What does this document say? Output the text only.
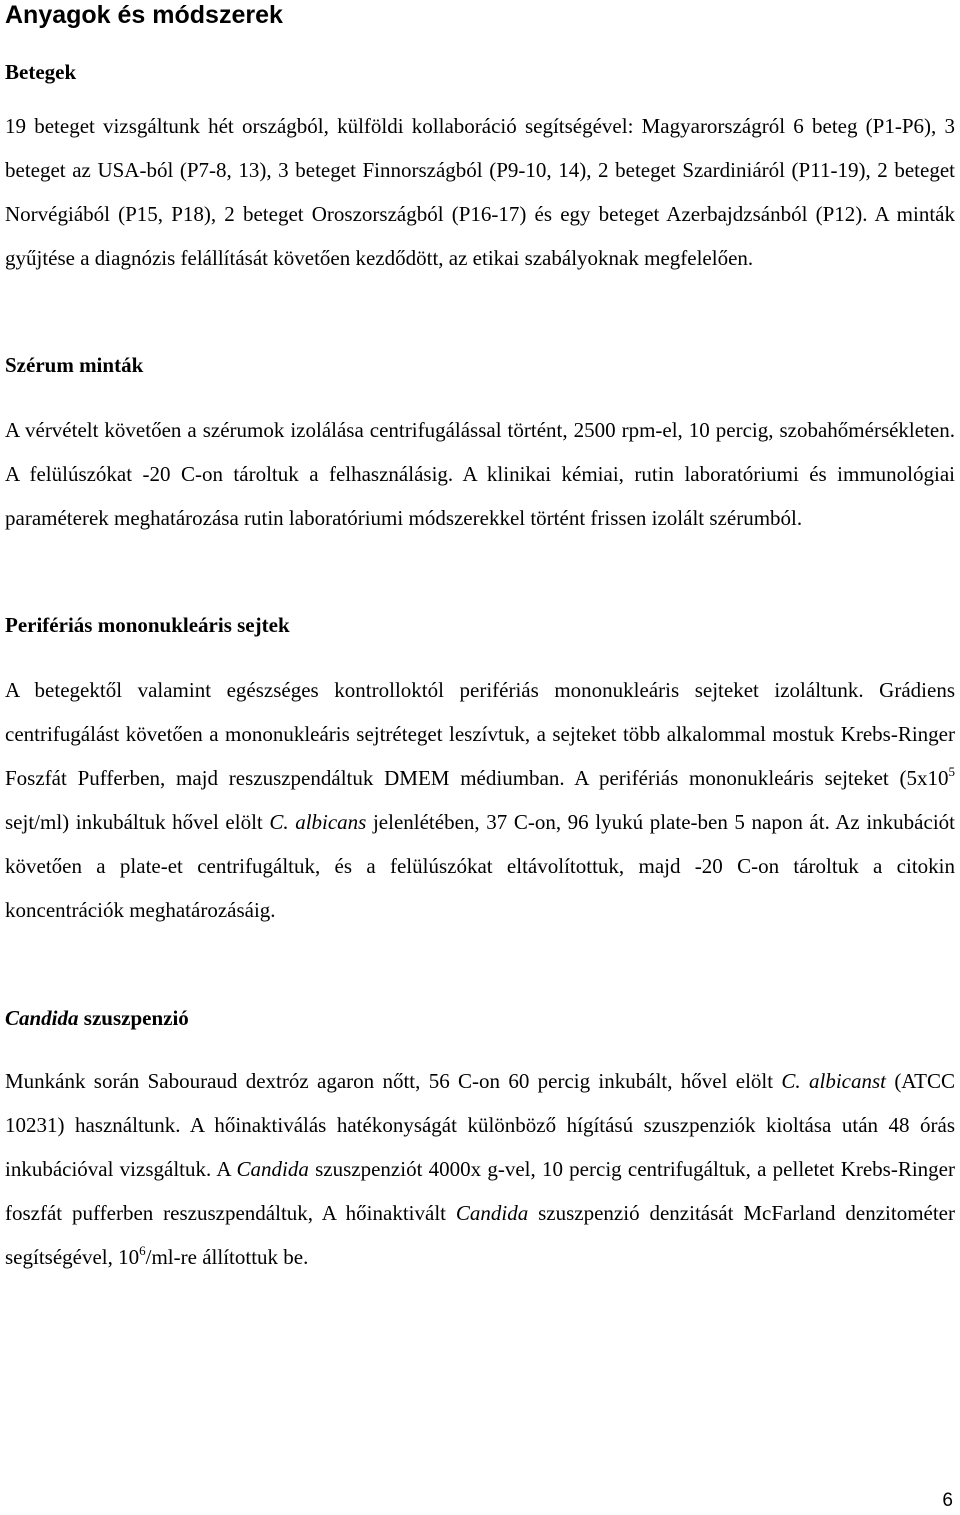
Anyagok és módszerek
Betegek

19 beteget vizsgáltunk hét országból, külföldi kollaboráció segítségével: Magyarországról 6 beteg (P1-P6), 3 beteget az USA-ból (P7-8, 13), 3 beteget Finnországból (P9-10, 14), 2 beteget Szardiniáról (P11-19), 2 beteget Norvégiából (P15, P18), 2 beteget Oroszországból (P16-17) és egy beteget Azerbajdzsánból (P12). A minták gyűjtése a diagnózis felállítását követően kezdődött, az etikai szabályoknak megfelelően.

Szérum minták

A vérvételt követően a szérumok izolálása centrifugálással történt, 2500 rpm-el, 10 percig, szobahőmérsékleten. A felülúszókat -20 C-on tároltuk a felhasználásig. A klinikai kémiai, rutin laboratóriumi és immunológiai paraméterek meghatározása rutin laboratóriumi módszerekkel történt frissen izolált szérumból.

Perifériás mononukleáris sejtek

A betegektől valamint egészséges kontrolloktól perifériás mononukleáris sejteket izoláltunk. Grádiens centrifugálást követően a mononukleáris sejtréteget leszívtuk, a sejteket több alkalommal mostuk Krebs-Ringer Foszfát Pufferben, majd reszuszpendáltuk DMEM médiumban. A perifériás mononukleáris sejteket ($5x10^5$ sejt/ml) inkubáltuk hővel elölt C. albicans jelenlétében, 37 C-on, 96 lyukú plate-ben 5 napon át. Az inkubációt követően a plate-et centrifugáltuk, és a felülúszókat eltávolítottuk, majd -20 C-on tároltuk a citokin koncentrációk meghatározásáig.

Candida szuszpenzió

Munkánk során Sabouraud dextróz agaron nőtt, 56 C-on 60 percig inkubált, hővel elölt C. albicanst (ATCC 10231) használtunk. A hőinaktiválás hatékonyságát különböző hígítású szuszpenziók kioltása után 48 órás inkubációval vizsgáltuk. A Candida szuszpenziót 4000x g-vel, 10 percig centrifugáltuk, a pelletet Krebs-Ringer foszfát pufferben reszuszpendáltuk, A hőinaktivált Candida szuszpenzió denzitását McFarland denzitométer segítségével, $10^6/ml-re$ állítottuk be.

6
